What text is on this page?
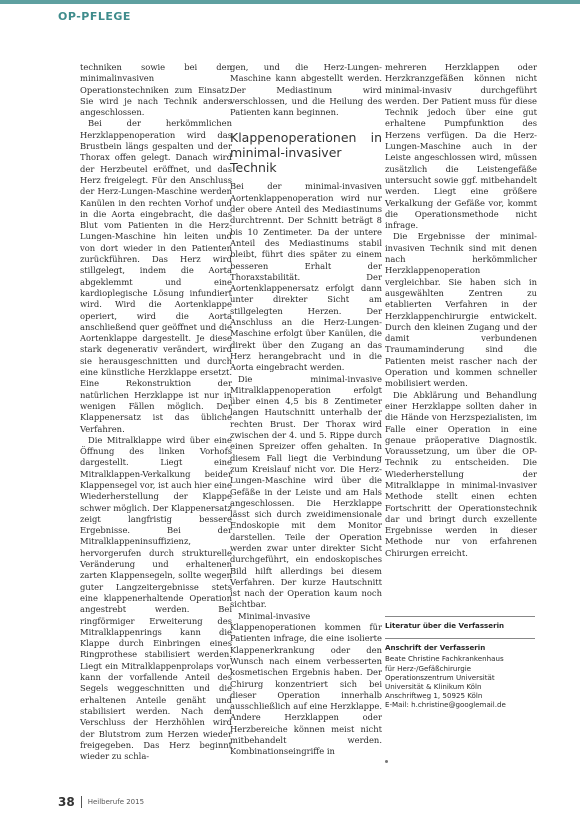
OP-PFLEGE

techniken sowie bei den minimalinvasiven Operationstechniken zum Einsatz. Sie wird je nach Technik anders angeschlossen.

Bei der herkömmlichen Herzklappenoperation wird das Brustbein längs gespalten und der Thorax offen gelegt. Danach wird der Herzbeutel eröffnet, und das Herz freigelegt. Für den Anschluss der Herz-Lungen-Maschine werden Kanülen in den rechten Vorhof und in die Aorta eingebracht, die das Blut vom Patienten in die Herz-Lungen-Maschine hin leiten und von dort wieder in den Patienten zurückführen. Das Herz wird stillgelegt, indem die Aorta abgeklemmt und eine kardioplegische Lösung infundiert wird. Wird die Aortenklappe operiert, wird die Aorta anschließend quer geöffnet und die Aortenklappe dargestellt. Je diese stark degenerativ verändert, wird sie herausgeschnitten und durch eine künstliche Herzklappe ersetzt. Eine Rekonstruktion der natürlichen Herzklappe ist nur in wenigen Fällen möglich. Der Klappenersatz ist das übliche Verfahren.

Die Mitralklappe wird über eine Öffnung des linken Vorhofs dargestellt. Liegt eine Mitralklappen-Verkalkung beider Klappensegel vor, ist auch hier eine Wiederherstellung der Klappe schwer möglich. Der Klappenersatz zeigt langfristig bessere Ergebnisse. Bei der Mitralklappeninsuffizienz, hervorgerufen durch strukturelle Veränderung und erhaltenen zarten Klappensegeln, sollte wegen guter Langzeitergebnisse stets eine klappenerhaltende Operation angestrebt werden. Bei ringförmiger Erweiterung des Mitralklappenrings kann die Klappe durch Einbringen eines Ringprothese stabilisiert werden. Liegt ein Mitralklappenprolaps vor, kann der vorfallende Anteil des Segels weggeschnitten und die erhaltenen Anteile genäht und stabilisiert werden. Nach dem Verschluss der Herzhöhlen wird der Blutstrom zum Herzen wieder freigegeben. Das Herz beginnt wieder zu schla-

gen, und die Herz-Lungen-Maschine kann abgestellt werden. Der Mediastinum wird verschlossen, und die Heilung des Patienten kann beginnen.

Klappenoperationen in minimal-invasiver Technik

Bei der minimal-invasiven Aortenklappenoperation wird nur der obere Anteil des Mediastinums durchtrennt. Der Schnitt beträgt 8 bis 10 Zentimeter. Da der untere Anteil des Mediastinums stabil bleibt, führt dies später zu einem besseren Erhalt der Thoraxstabilität. Der Aortenklappenersatz erfolgt dann unter direkter Sicht am stillgelegten Herzen. Der Anschluss an die Herz-Lungen-Maschine erfolgt über Kanülen, die direkt über den Zugang an das Herz herangebracht und in die Aorta eingebracht werden.

Die minimal-invasive Mitralklappenoperation erfolgt über einen 4,5 bis 8 Zentimeter langen Hautschnitt unterhalb der rechten Brust. Der Thorax wird zwischen der 4. und 5. Rippe durch einen Spreizer offen gehalten. In diesem Fall liegt die Verbindung zum Kreislauf nicht vor. Die Herz-Lungen-Maschine wird über die Gefäße in der Leiste und am Hals angeschlossen. Die Herzklappe lässt sich durch zweidimensionale Endoskopie mit dem Monitor darstellen. Teile der Operation werden zwar unter direkter Sicht durchgeführt, ein endoskopisches Bild hilft allerdings bei diesem Verfahren. Der kurze Hautschnitt ist nach der Operation kaum noch sichtbar.

Minimal-invasive Klappenoperationen kommen für Patienten infrage, die eine isolierte Klappenerkrankung oder den Wunsch nach einem verbesserten kosmetischen Ergebnis haben. Der Chirurg konzentriert sich bei dieser Operation innerhalb ausschließlich auf eine Herzklappe. Andere Herzklappen oder Herzbereiche können meist nicht mitbehandelt werden. Kombinationseingriffe in

mehreren Herzklappen oder Herzkranzgefäßen können nicht minimal-invasiv durchgeführt werden. Der Patient muss für diese Technik jedoch über eine gut erhaltene Pumpfunktion des Herzens verfügen. Da die Herz-Lungen-Maschine auch in der Leiste angeschlossen wird, müssen zusätzlich die Leistengefäße untersucht sowie ggf. mitbehandelt werden. Liegt eine größere Verkalkung der Gefäße vor, kommt die Operationsmethode nicht infrage.

Die Ergebnisse der minimal-invasiven Technik sind mit denen nach herkömmlicher Herzklappenoperation vergleichbar. Sie haben sich in ausgewählten Zentren zu etablierten Verfahren in der Herzklappenchirurgie entwickelt. Durch den kleinen Zugang und der damit verbundenen Traumaminderung sind die Patienten meist rascher nach der Operation und kommen schneller mobilisiert werden.

Die Abklärung und Behandlung einer Herzklappe sollten daher in die Hände von Herzspezialisten, im Falle einer Operation in eine genaue präoperative Diagnostik. Voraussetzung, um über die OP-Technik zu entscheiden. Die Wiederherstellung der Mitralklappe in minimal-invasiver Methode stellt einen echten Fortschritt der Operationstechnik dar und bringt durch exzellente Ergebnisse werden in dieser Methode nur von erfahrenen Chirurgen erreicht.

Literatur über die Verfasserin
Anschrift der Verfasserin
Beate Christine Fachkrankenhaus
für Herz-/Gefäßchirurgie
Operationszentrum Universität
Universität & Klinikum Köln
Anschriftweg 1, 50925 Köln
E-Mail: h.christine@googlemail.de
38 Heilberufe 2015
